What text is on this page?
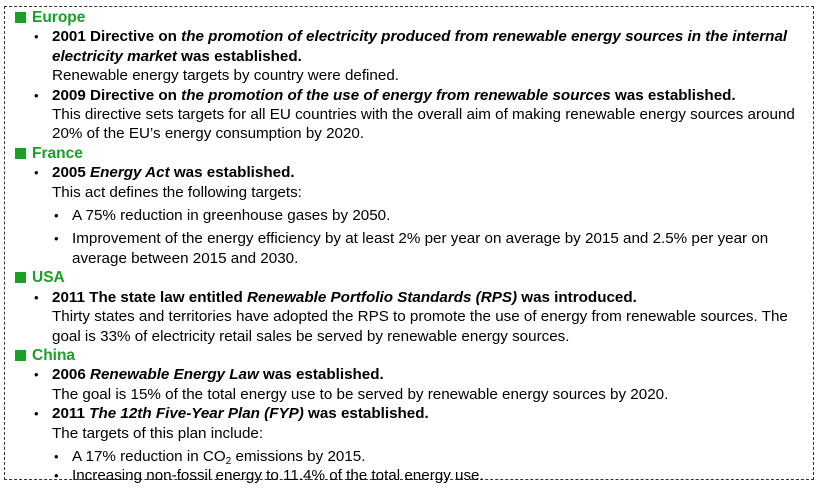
Europe
• 2001 Directive on the promotion of electricity produced from renewable energy sources in the internal electricity market was established.
Renewable energy targets by country were defined.
• 2009 Directive on the promotion of the use of energy from renewable sources was established.
This directive sets targets for all EU countries with the overall aim of making renewable energy sources around 20% of the EU’s energy consumption by 2020.
France
• 2005 Energy Act was established.
This act defines the following targets:
• A 75% reduction in greenhouse gases by 2050.
• Improvement of the energy efficiency by at least 2% per year on average by 2015 and 2.5% per year on average between 2015 and 2030.
USA
• 2011 The state law entitled Renewable Portfolio Standards (RPS) was introduced.
Thirty states and territories have adopted the RPS to promote the use of energy from renewable sources. The goal is 33% of electricity retail sales be served by renewable energy sources.
China
• 2006 Renewable Energy Law was established.
The goal is 15% of the total energy use to be served by renewable energy sources by 2020.
• 2011 The 12th Five-Year Plan (FYP) was established.
The targets of this plan include:
• A 17% reduction in $CO_2$ emissions by 2015.
• Increasing non-fossil energy to 11.4% of the total energy use.
